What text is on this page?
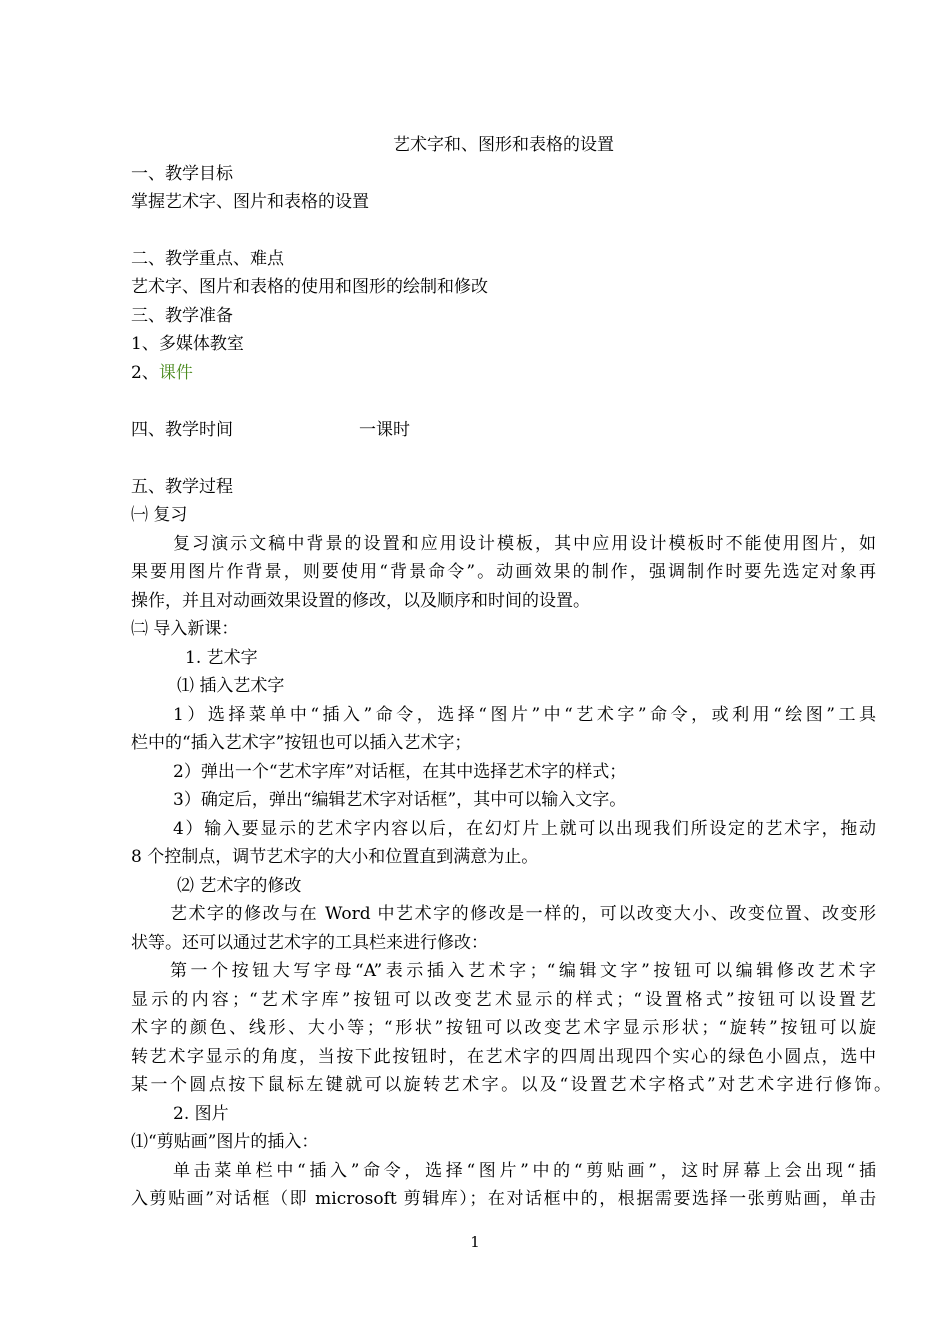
艺术字和、图形和表格的设置
一、教学目标
掌握艺术字、图片和表格的设置
二、教学重点、难点
艺术字、图片和表格的使用和图形的绘制和修改
三、教学准备
1、多媒体教室
2、课件
四、教学时间	一课时
五、教学过程
㈠ 复习
复习演示文稿中背景的设置和应用设计模板，其中应用设计模板时不能使用图片，如
果要用图片作背景，则要使用“背景命令”。动画效果的制作，强调制作时要先选定对象再
操作，并且对动画效果设置的修改，以及顺序和时间的设置。
㈡ 导入新课：
1. 艺术字
⑴ 插入艺术字
1）选择菜单中“插入”命令，选择“图片”中“艺术字”命令，或利用“绘图”工具
栏中的“插入艺术字”按钮也可以插入艺术字；
2）弹出一个“艺术字库”对话框，在其中选择艺术字的样式；
3）确定后，弹出“编辑艺术字对话框”，其中可以输入文字。
4）输入要显示的艺术字内容以后，在幻灯片上就可以出现我们所设定的艺术字，拖动
8 个控制点，调节艺术字的大小和位置直到满意为止。
⑵ 艺术字的修改
艺术字的修改与在 Word 中艺术字的修改是一样的，可以改变大小、改变位置、改变形
状等。还可以通过艺术字的工具栏来进行修改：
第一个按钮大写字母“A”表示插入艺术字；“编辑文字”按钮可以编辑修改艺术字
显示的内容；“艺术字库”按钮可以改变艺术显示的样式；“设置格式”按钮可以设置艺
术字的颜色、线形、大小等；“形状”按钮可以改变艺术字显示形状；“旋转”按钮可以旋
转艺术字显示的角度，当按下此按钮时，在艺术字的四周出现四个实心的绿色小圆点，选中
某一个圆点按下鼠标左键就可以旋转艺术字。以及“设置艺术字格式”对艺术字进行修饰。
2. 图片
⑴“剪贴画”图片的插入：
单击菜单栏中“插入”命令，选择“图片”中的“剪贴画”，这时屏幕上会出现“插
入剪贴画”对话框（即 microsoft 剪辑库）；在对话框中的，根据需要选择一张剪贴画，单击
1
